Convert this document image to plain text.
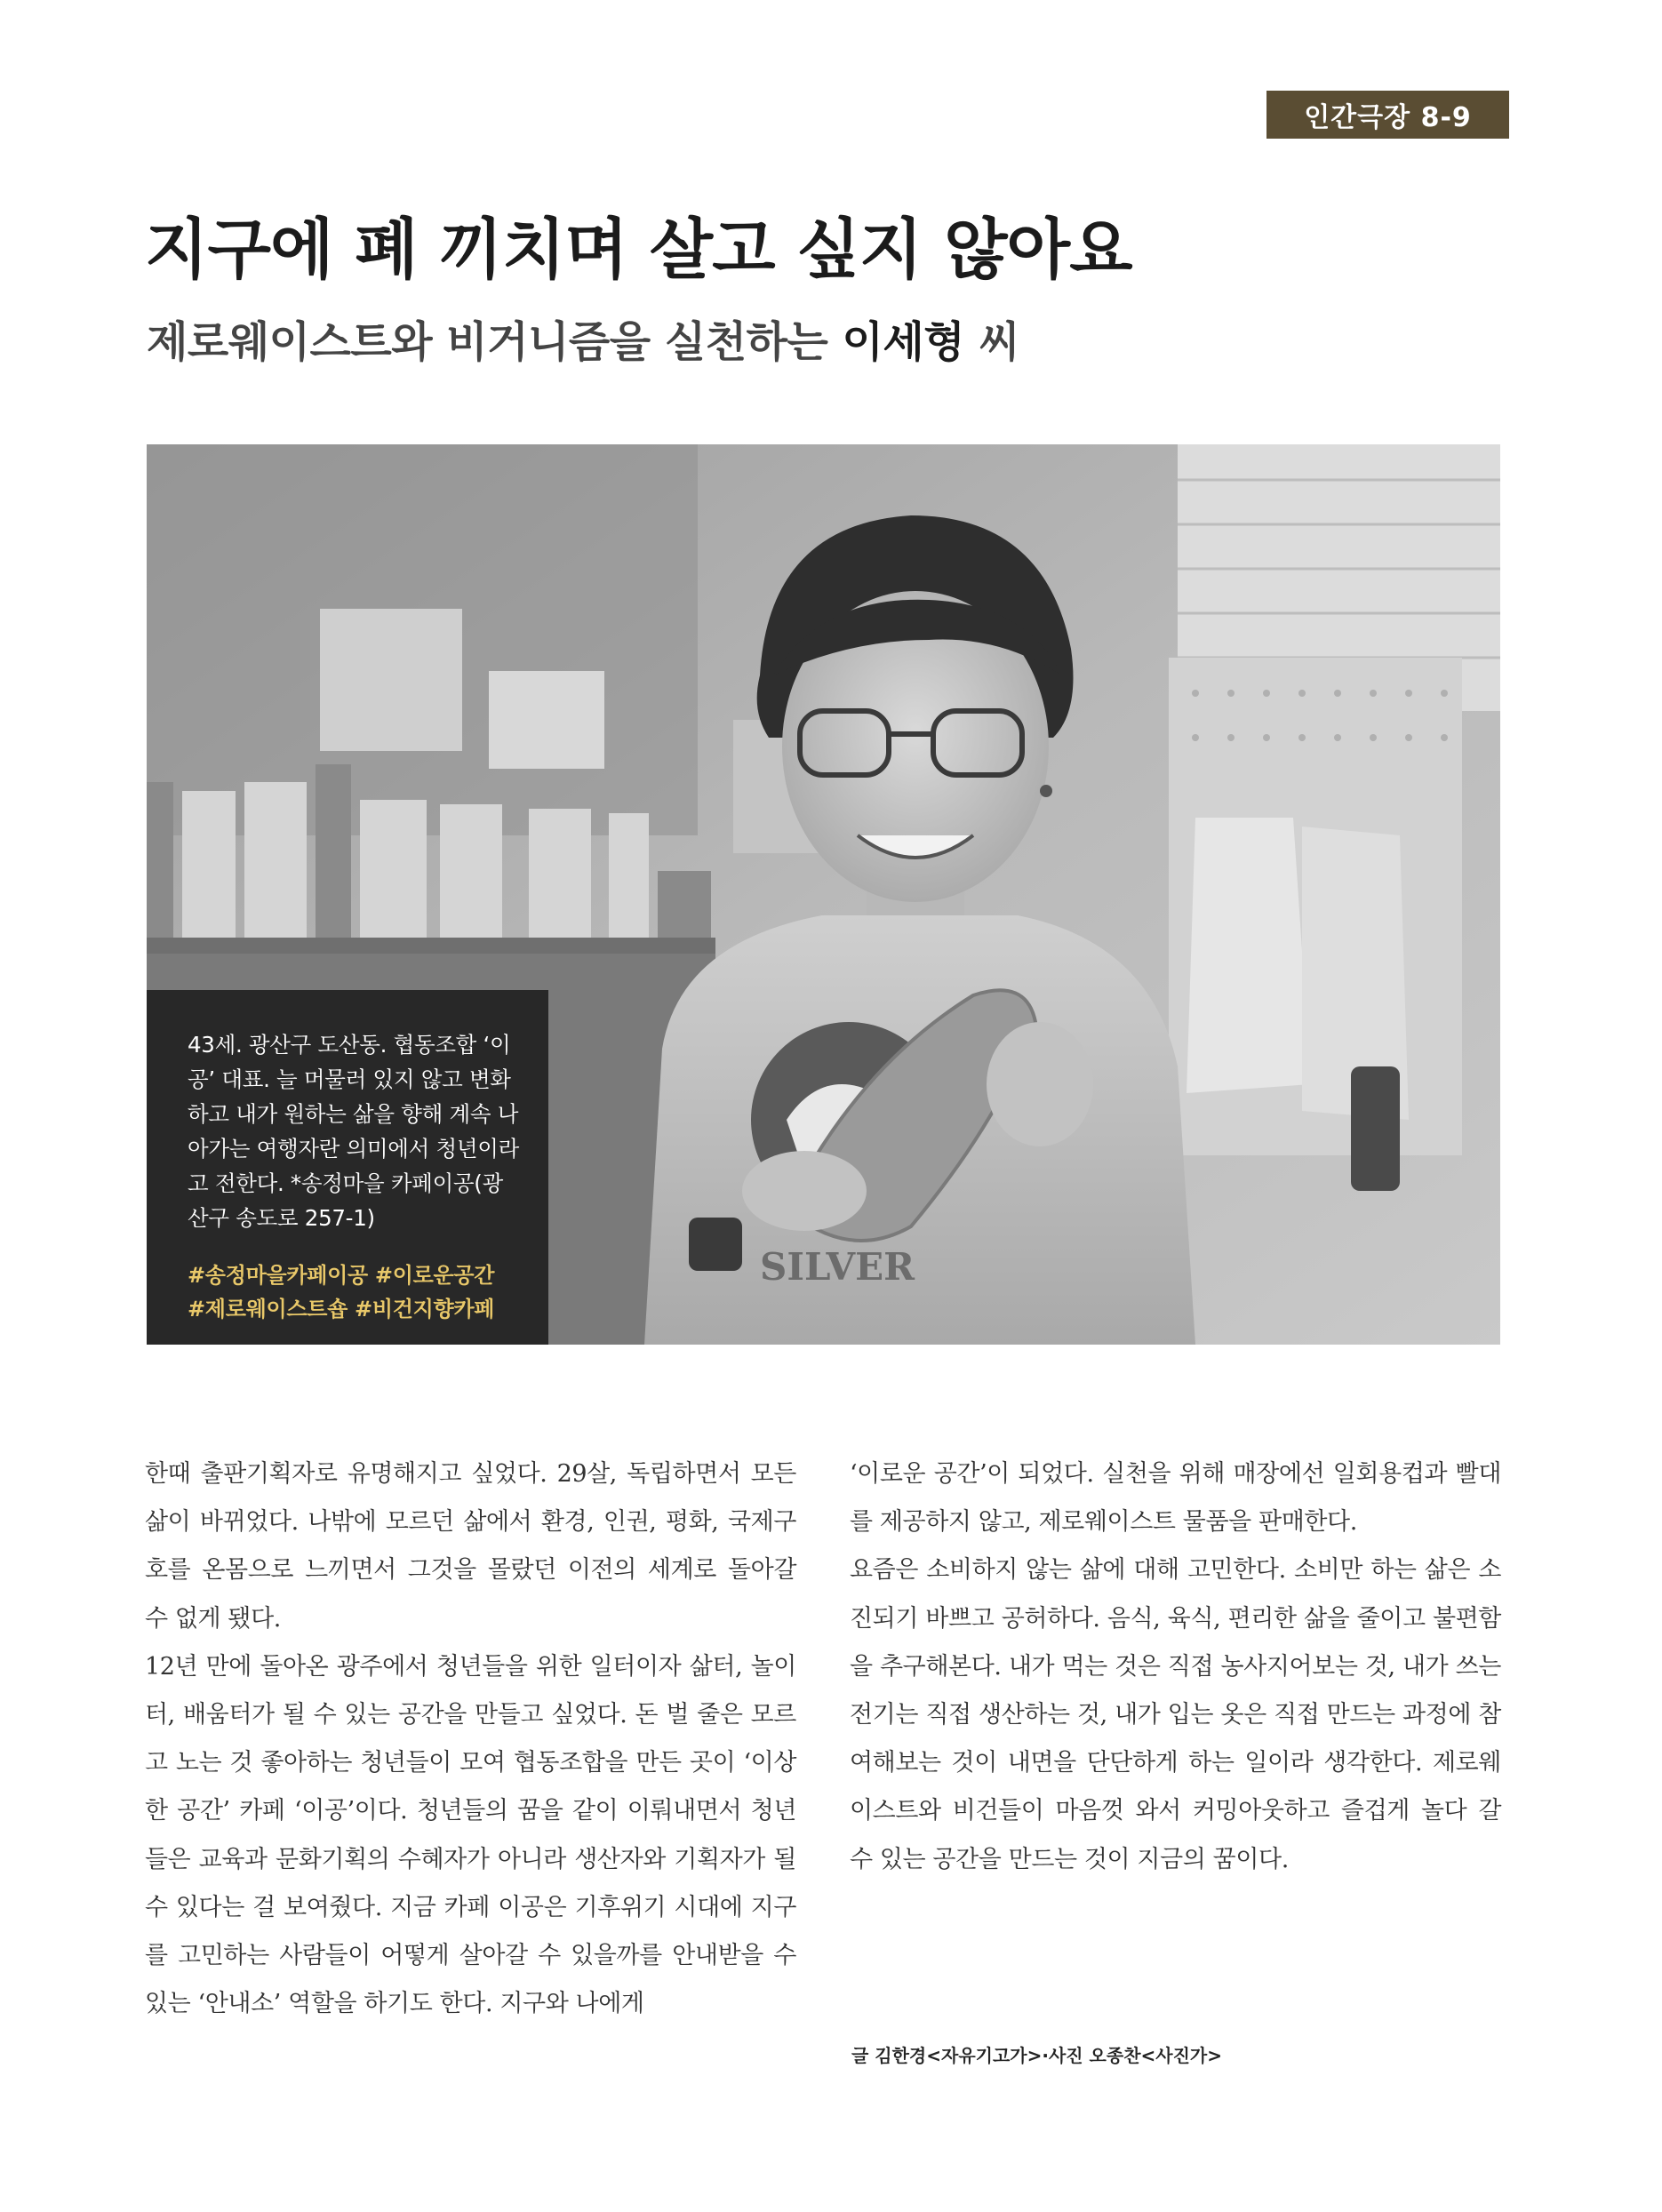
인간극장 8-9
지구에 폐 끼치며 살고 싶지 않아요
제로웨이스트와 비거니즘을 실천하는 이세형 씨
SILVER

43세. 광산구 도산동. 협동조합 ‘이공’ 대표. 늘 머물러 있지 않고 변화하고 내가 원하는 삶을 향해 계속 나아가는 여행자란 의미에서 청년이라고 전한다. *송정마을 카페이공(광산구 송도로 257-1)

#송정마을카페이공 #이로운공간
#제로웨이스트숍 #비건지향카페

한때 출판기획자로 유명해지고 싶었다. 29살, 독립하면서 모든 삶이 바뀌었다. 나밖에 모르던 삶에서 환경, 인권, 평화, 국제구호를 온몸으로 느끼면서 그것을 몰랐던 이전의 세계로 돌아갈 수 없게 됐다.

12년 만에 돌아온 광주에서 청년들을 위한 일터이자 삶터, 놀이터, 배움터가 될 수 있는 공간을 만들고 싶었다. 돈 벌 줄은 모르고 노는 것 좋아하는 청년들이 모여 협동조합을 만든 곳이 ‘이상한 공간’ 카페 ‘이공’이다. 청년들의 꿈을 같이 이뤄내면서 청년들은 교육과 문화기획의 수혜자가 아니라 생산자와 기획자가 될 수 있다는 걸 보여줬다. 지금 카페 이공은 기후위기 시대에 지구를 고민하는 사람들이 어떻게 살아갈 수 있을까를 안내받을 수 있는 ‘안내소’ 역할을 하기도 한다. 지구와 나에게

‘이로운 공간’이 되었다. 실천을 위해 매장에선 일회용컵과 빨대를 제공하지 않고, 제로웨이스트 물품을 판매한다.

요즘은 소비하지 않는 삶에 대해 고민한다. 소비만 하는 삶은 소진되기 바쁘고 공허하다. 음식, 육식, 편리한 삶을 줄이고 불편함을 추구해본다. 내가 먹는 것은 직접 농사지어보는 것, 내가 쓰는 전기는 직접 생산하는 것, 내가 입는 옷은 직접 만드는 과정에 참여해보는 것이 내면을 단단하게 하는 일이라 생각한다. 제로웨이스트와 비건들이 마음껏 와서 커밍아웃하고 즐겁게 놀다 갈 수 있는 공간을 만드는 것이 지금의 꿈이다.

글 김한경<자유기고가>·사진 오종찬<사진가>
